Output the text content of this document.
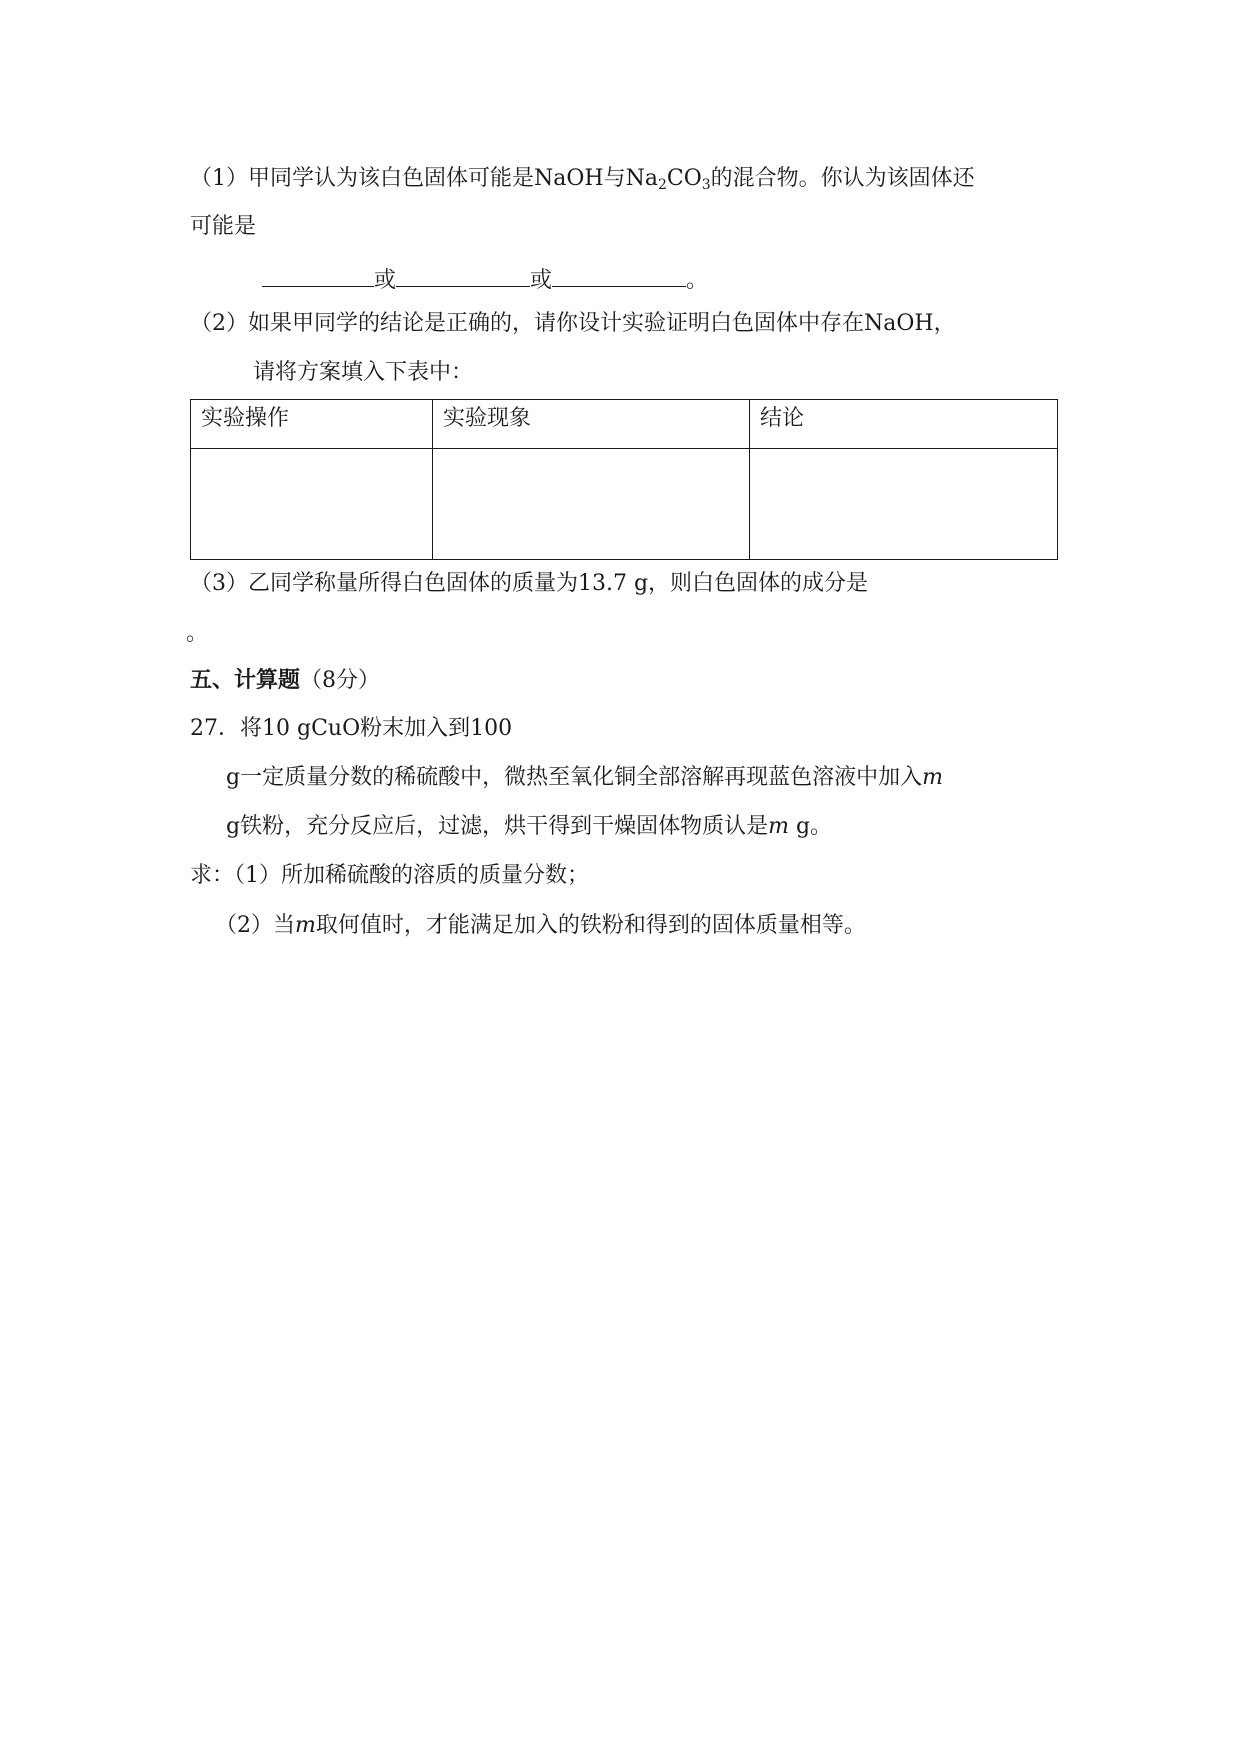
（1）甲同学认为该白色固体可能是NaOH与$Na_2CO_3$的混合物。你认为该固体还
可能是
或	或	。
（2）如果甲同学的结论是正确的，请你设计实验证明白色固体中存在NaOH，
请将方案填入下表中：
实验操作	实验现象	结论

（3）乙同学称量所得白色固体的质量为13.7 g，则白色固体的成分是
。
五、计算题（8分）
27．将10 gCuO粉末加入到100
g一定质量分数的稀硫酸中，微热至氧化铜全部溶解再现蓝色溶液中加入m
g铁粉，充分反应后，过滤，烘干得到干燥固体物质认是m g。
求：（1）所加稀硫酸的溶质的质量分数；
（2）当m取何值时，才能满足加入的铁粉和得到的固体质量相等。
